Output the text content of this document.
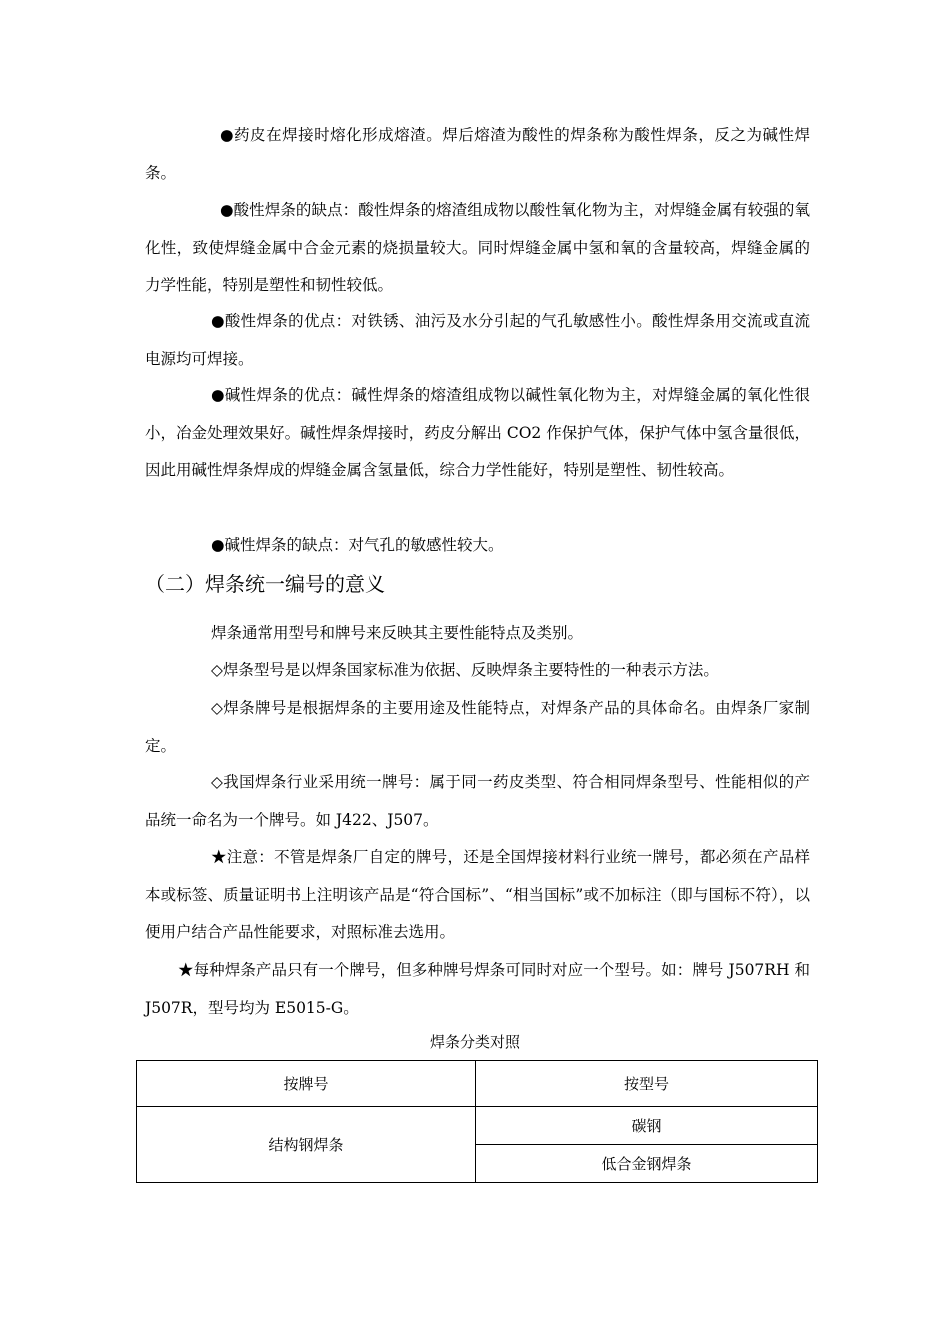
●药皮在焊接时熔化形成熔渣。焊后熔渣为酸性的焊条称为酸性焊条，反之为碱性焊条。

●酸性焊条的缺点：酸性焊条的熔渣组成物以酸性氧化物为主，对焊缝金属有较强的氧化性，致使焊缝金属中合金元素的烧损量较大。同时焊缝金属中氢和氧的含量较高，焊缝金属的力学性能，特别是塑性和韧性较低。

●酸性焊条的优点：对铁锈、油污及水分引起的气孔敏感性小。酸性焊条用交流或直流电源均可焊接。

●碱性焊条的优点：碱性焊条的熔渣组成物以碱性氧化物为主，对焊缝金属的氧化性很小，冶金处理效果好。碱性焊条焊接时，药皮分解出 CO2 作保护气体，保护气体中氢含量很低，因此用碱性焊条焊成的焊缝金属含氢量低，综合力学性能好，特别是塑性、韧性较高。

●碱性焊条的缺点：对气孔的敏感性较大。

（二）焊条统一编号的意义

焊条通常用型号和牌号来反映其主要性能特点及类别。

◇焊条型号是以焊条国家标准为依据、反映焊条主要特性的一种表示方法。

◇焊条牌号是根据焊条的主要用途及性能特点，对焊条产品的具体命名。由焊条厂家制定。

◇我国焊条行业采用统一牌号：属于同一药皮类型、符合相同焊条型号、性能相似的产品统一命名为一个牌号。如 J422、J507。

★注意：不管是焊条厂自定的牌号，还是全国焊接材料行业统一牌号，都必须在产品样本或标签、质量证明书上注明该产品是“符合国标”、“相当国标”或不加标注（即与国标不符），以便用户结合产品性能要求，对照标准去选用。

★每种焊条产品只有一个牌号，但多种牌号焊条可同时对应一个型号。如：牌号 J507RH 和 J507R，型号均为 E5015-G。

焊条分类对照
按牌号	按型号
结构钢焊条	碳钢
	低合金钢焊条
